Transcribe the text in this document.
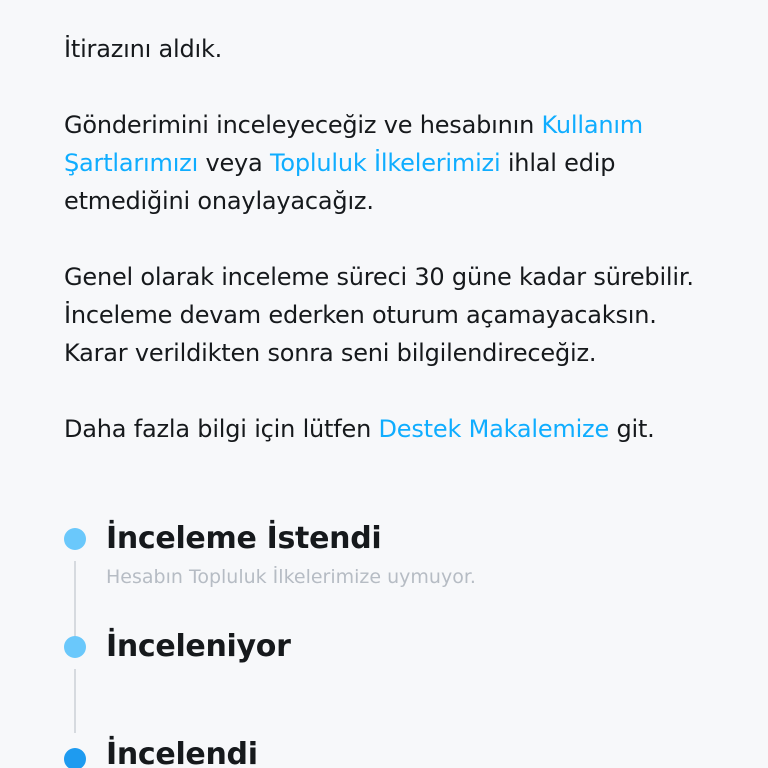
İtirazını aldık.

Gönderimini inceleyeceğiz ve hesabının Kullanım Şartlarımızı veya Topluluk İlkelerimizi ihlal edip etmediğini onaylayacağız.

Genel olarak inceleme süreci 30 güne kadar sürebilir. İnceleme devam ederken oturum açamayacaksın. Karar verildikten sonra seni bilgilendireceğiz.

Daha fazla bilgi için lütfen Destek Makalemize git.

İnceleme İstendi
Hesabın Topluluk İlkelerimize uymuyor.
İnceleniyor
İncelendi
